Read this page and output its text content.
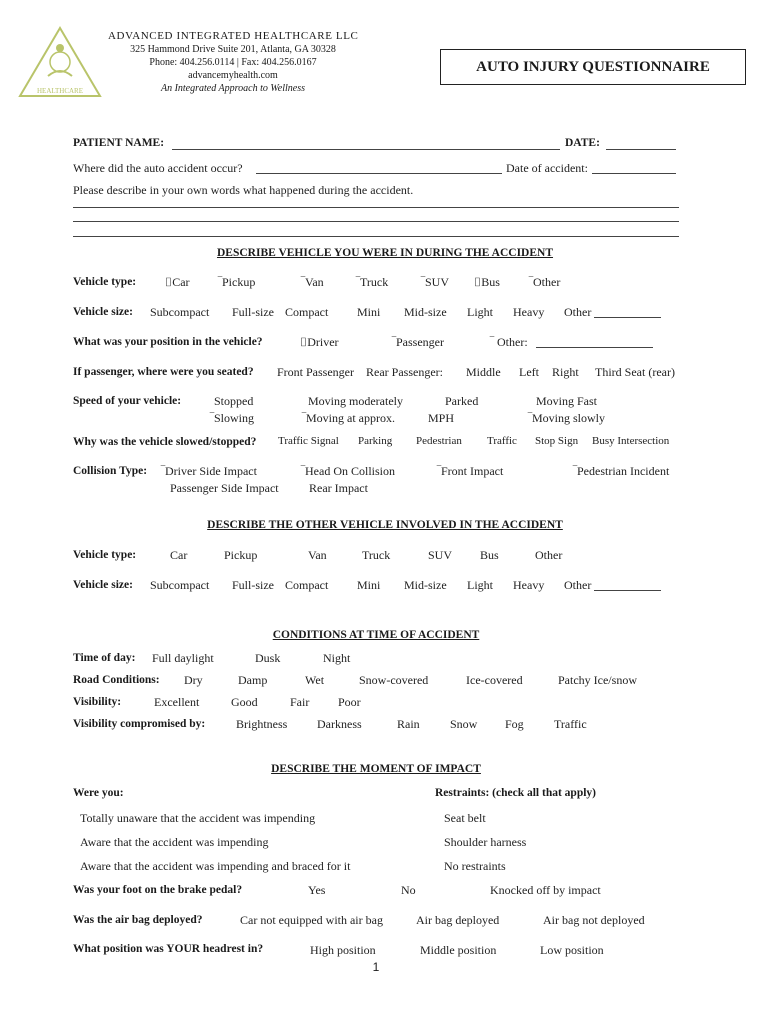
HEALTHCARE
ADVANCED INTEGRATED HEALTHCARE LLC
325 Hammond Drive Suite 201, Atlanta, GA 30328
Phone: 404.256.0114 | Fax: 404.256.0167
advancemyhealth.com
An Integrated Approach to Wellness
AUTO INJURY QUESTIONNAIRE
PATIENT NAME:	DATE:
Where did the auto accident occur?	Date of accident:
Please describe in your own words what happened during the accident.
DESCRIBE VEHICLE YOU WERE IN DURING THE ACCIDENT
Vehicle type: ⌷Car ‾Pickup	‾Van	‾Truck	‾SUV ⌷Bus ‾Other
Vehicle size: Subcompact Full-size Compact Mini Mid-size Light Heavy Other
What was your position in the vehicle?	⌷Driver	‾Passenger	‾ Other:
If passenger, where were you seated? Front Passenger Rear Passenger: Middle Left Right Third Seat (rear)
Speed of your vehicle:	Stopped	Moving moderately	Parked	Moving Fast
‾Slowing	‾Moving at approx.	MPH	‾Moving slowly
Why was the vehicle slowed/stopped? Traffic Signal Parking Pedestrian Traffic Stop Sign Busy Intersection
Collision Type: ‾Driver Side Impact	‾Head On Collision	‾Front Impact	‾Pedestrian Incident
Passenger Side Impact	Rear Impact
DESCRIBE THE OTHER VEHICLE INVOLVED IN THE ACCIDENT
Vehicle type:	Car	Pickup	Van	Truck	SUV Bus	Other
Vehicle size: Subcompact Full-size Compact Mini Mid-size Light Heavy Other
CONDITIONS AT TIME OF ACCIDENT
Time of day: Full daylight	Dusk	Night
Road Conditions: Dry	Damp	Wet	Snow-covered	Ice-covered	Patchy Ice/snow
Visibility:	Excellent	Good	Fair Poor
Visibility compromised by:	Brightness Darkness	Rain	Snow Fog	Traffic
DESCRIBE THE MOMENT OF IMPACT
Were you:	Restraints: (check all that apply)
Totally unaware that the accident was impending
Aware that the accident was impending
Aware that the accident was impending and braced for it
Seat belt
Shoulder harness
No restraints
Was your foot on the brake pedal?	Yes	No	Knocked off by impact
Was the air bag deployed?	Car not equipped with air bag	Air bag deployed	Air bag not deployed
What position was YOUR headrest in?	High position	Middle position	Low position
1
